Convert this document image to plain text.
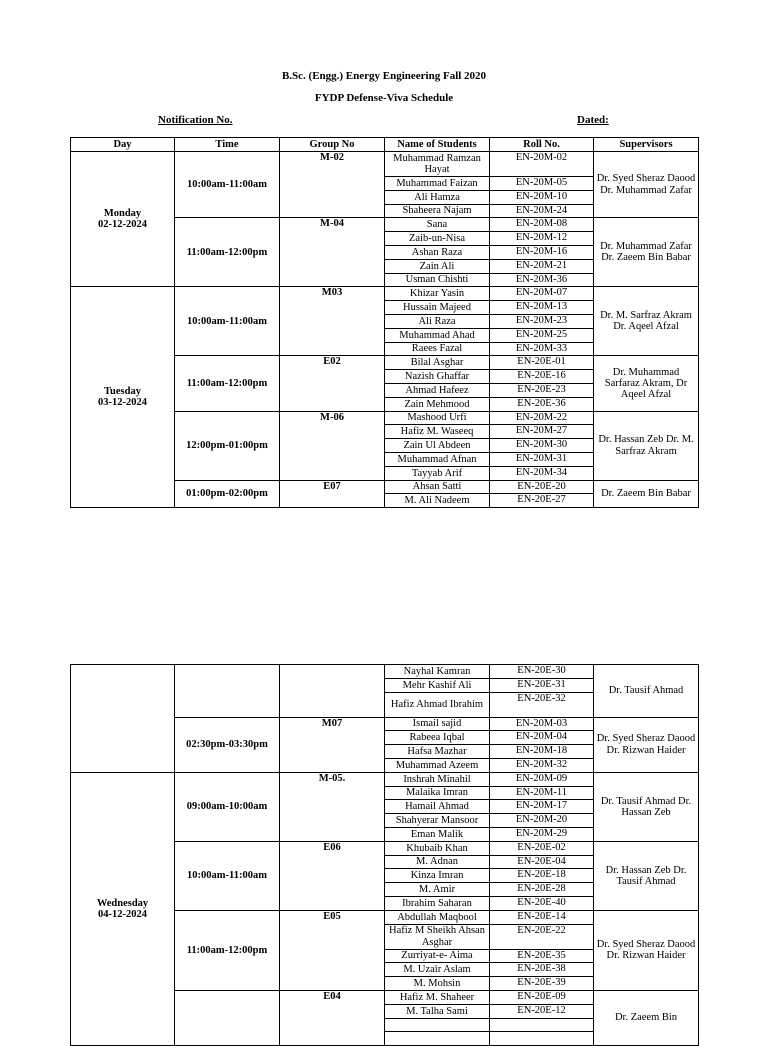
B.Sc. (Engg.) Energy Engineering Fall 2020
FYDP Defense-Viva Schedule
Notification No.	Dated:
Day	Time	Group No	Name of Students	Roll No.	Supervisors

Monday
02-12-2024	10:00am-11:00am	M-02	Muhammad Ramzan Hayat	EN-20M-02	Dr. Syed Sheraz Daood Dr. Muhammad Zafar
			Muhammad Faizan	EN-20M-05	
			Ali Hamza	EN-20M-10	
			Shaheera Najam	EN-20M-24	
	11:00am-12:00pm	M-04	Sana	EN-20M-08	Dr. Muhammad Zafar Dr. Zaeem Bin Babar
			Zaib-un-Nisa	EN-20M-12	
			Ashan Raza	EN-20M-16	
			Zain Ali	EN-20M-21	
			Usman Chishti	EN-20M-36	

Tuesday
03-12-2024	10:00am-11:00am	M03	Khizar Yasin	EN-20M-07	Dr. M. Sarfraz Akram Dr. Aqeel Afzal
			Hussain Majeed	EN-20M-13	
			Ali Raza	EN-20M-23	
			Muhammad Ahad	EN-20M-25	
			Raees Fazal	EN-20M-33	
	11:00am-12:00pm	E02	Bilal Asghar	EN-20E-01	Dr. Muhammad Sarfaraz Akram, Dr Aqeel Afzal
			Nazish Ghaffar	EN-20E-16	
			Ahmad Hafeez	EN-20E-23	
			Zain Mehmood	EN-20E-36	
	12:00pm-01:00pm	M-06	Mashood Urfi	EN-20M-22	Dr. Hassan Zeb Dr. M. Sarfraz Akram
			Hafiz M. Waseeq	EN-20M-27	
			Zain Ul Abdeen	EN-20M-30	
			Muhammad Afnan	EN-20M-31	
			Tayyab Arif	EN-20M-34	
	01:00pm-02:00pm	E07	Ahsan Satti	EN-20E-20	Dr. Zaeem Bin Babar
			M. Ali Nadeem	EN-20E-27	
			Nayhal Kamran	EN-20E-30	Dr. Tausif Ahmad
			Mehr Kashif Ali	EN-20E-31	
			Hafiz Ahmad Ibrahim	EN-20E-32	
	02:30pm-03:30pm	M07	Ismail sajid	EN-20M-03	Dr. Syed Sheraz Daood Dr. Rizwan Haider
			Rabeea Iqbal	EN-20M-04	
			Hafsa Mazhar	EN-20M-18	
			Muhammad Azeem	EN-20M-32	

Wednesday
04-12-2024	09:00am-10:00am	M-05.	Inshrah Minahil	EN-20M-09	Dr. Tausif Ahmad Dr. Hassan Zeb
			Malaika Imran	EN-20M-11	
			Hamail Ahmad	EN-20M-17	
			Shahyerar Mansoor	EN-20M-20	
			Eman Malik	EN-20M-29	
	10:00am-11:00am	E06	Khubaib Khan	EN-20E-02	Dr. Hassan Zeb Dr. Tausif Ahmad
			M. Adnan	EN-20E-04	
			Kinza Imran	EN-20E-18	
			M. Amir	EN-20E-28	
			Ibrahim Saharan	EN-20E-40	
	11:00am-12:00pm	E05	Abdullah Maqbool	EN-20E-14	Dr. Syed Sheraz Daood Dr. Rizwan Haider
			Hafiz M Sheikh Ahsan Asghar	EN-20E-22	
			Zurriyat-e- Aima	EN-20E-35	
			M. Uzair Aslam	EN-20E-38	
			M. Mohsin	EN-20E-39	
		E04	Hafiz M. Shaheer	EN-20E-09	Dr. Zaeem Bin
			M. Talha Sami	EN-20E-12	
